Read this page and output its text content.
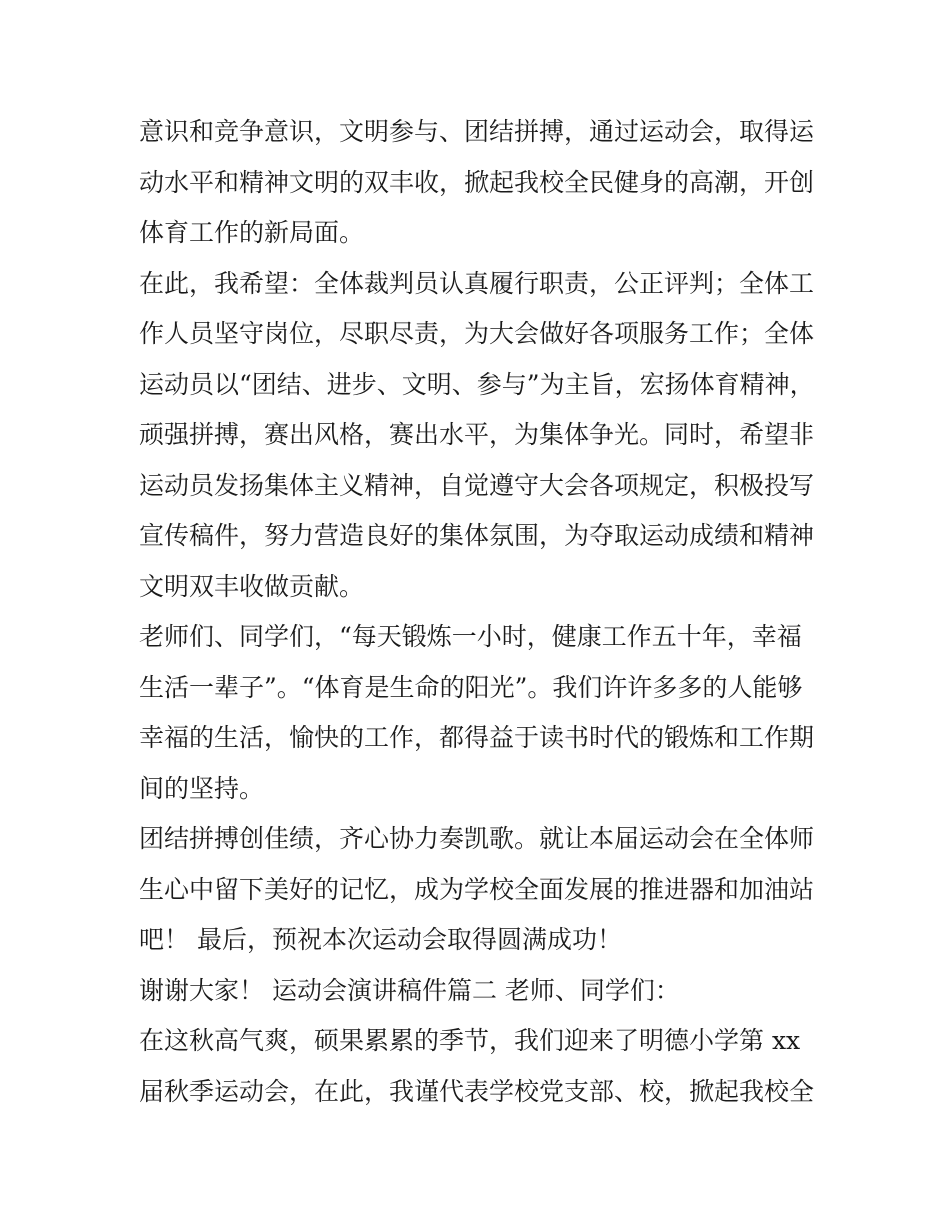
意识和竞争意识，文明参与、团结拼搏，通过运动会，取得运
动水平和精神文明的双丰收，掀起我校全民健身的高潮，开创
体育工作的新局面。
在此，我希望：全体裁判员认真履行职责，公正评判；全体工
作人员坚守岗位，尽职尽责，为大会做好各项服务工作；全体
运动员以“团结、进步、文明、参与”为主旨，宏扬体育精神，
顽强拼搏，赛出风格，赛出水平，为集体争光。同时，希望非
运动员发扬集体主义精神，自觉遵守大会各项规定，积极投写
宣传稿件，努力营造良好的集体氛围，为夺取运动成绩和精神
文明双丰收做贡献。
老师们、同学们，“每天锻炼一小时，健康工作五十年，幸福
生活一辈子”。“体育是生命的阳光”。我们许许多多的人能够
幸福的生活，愉快的工作，都得益于读书时代的锻炼和工作期
间的坚持。
团结拼搏创佳绩，齐心协力奏凯歌。就让本届运动会在全体师
生心中留下美好的记忆，成为学校全面发展的推进器和加油站
吧！ 最后，预祝本次运动会取得圆满成功！
谢谢大家！ 运动会演讲稿件篇二 老师、同学们：
在这秋高气爽，硕果累累的季节，我们迎来了明德小学第 xx
届秋季运动会，在此，我谨代表学校党支部、校，掀起我校全
